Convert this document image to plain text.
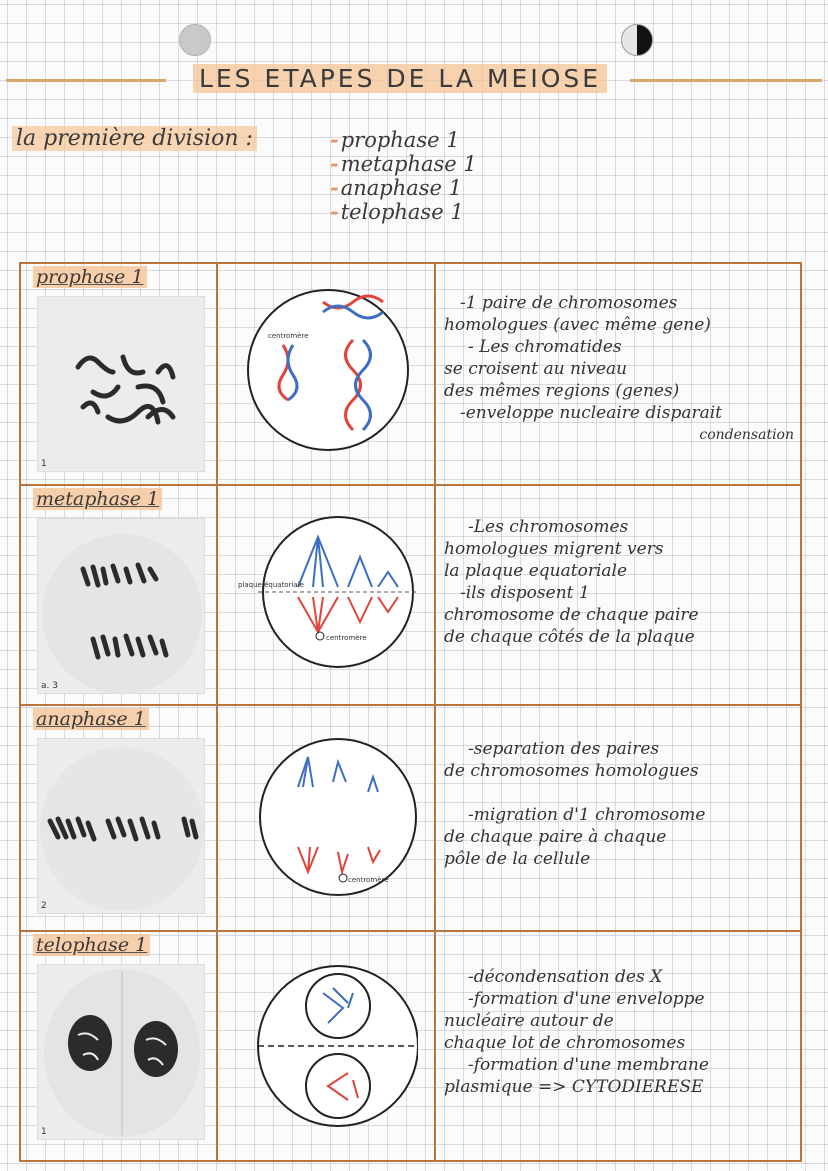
LES ETAPES DE LA MEIOSE
la première division :
-	prophase 1
- metaphase 1
- anaphase 1
- telophase 1
prophase 1
1
centromère

-1 paire de chromosomes

homologues (avec même gene)

- Les chromatides

se croisent au niveau

des mêmes regions (genes)

-enveloppe nucleaire disparait

condensation

metaphase 1
a. 3
plaque équatoriale
centromère

-Les chromosomes

homologues migrent vers

la plaque equatoriale

-ils disposent 1

chromosome de chaque paire

de chaque côtés de la plaque

anaphase 1
2
centromère

-separation des paires

de chromosomes homologues

-migration d'1 chromosome

de chaque paire à chaque

pôle de la cellule

telophase 1
1

-décondensation des X

-formation d'une enveloppe

nucléaire autour de

chaque lot de chromosomes

-formation d'une membrane

plasmique => CYTODIERESE
